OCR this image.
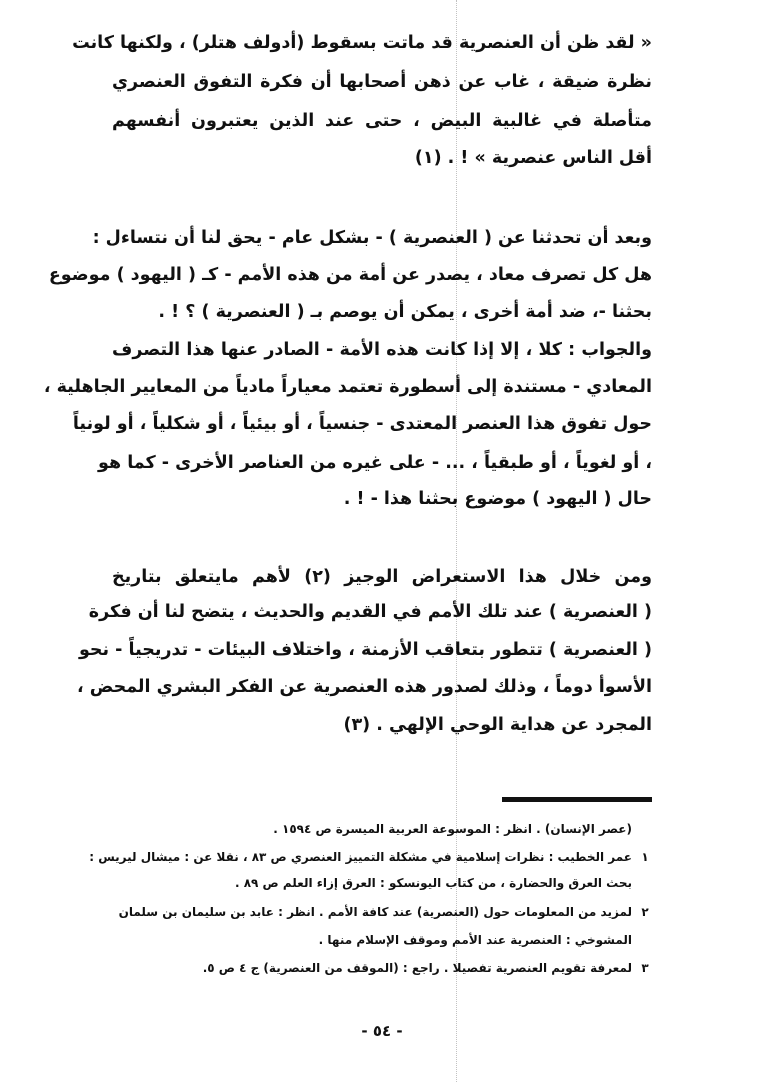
« لقد ظن أن العنصرية قد ماتت بسقوط (أدولف هتلر) ، ولكنها كانت
نظرة ضيقة ، غاب عن ذهن أصحابها أن فكرة التفوق العنصري
متأصلة في غالبية البيض ، حتى عند الذين يعتبرون أنفسهم
أقل الناس عنصرية » ! . (١)
وبعد أن تحدثنا عن ( العنصرية ) - بشكل عام - يحق لنا أن نتساءل :
هل كل تصرف معاد ، يصدر عن أمة من هذه الأمم - كـ ( اليهود ) موضوع
بحثنا -، ضد أمة أخرى ، يمكن أن يوصم بـ ( العنصرية ) ؟ ! .
والجواب : كلا ، إلا إذا كانت هذه الأمة - الصادر عنها هذا التصرف
المعادي - مستندة إلى أسطورة تعتمد معياراً مادياً من المعايير الجاهلية ،
حول تفوق هذا العنصر المعتدى - جنسياً ، أو بيئياً ، أو شكلياً ، أو لونياً
، أو لغوياً ، أو طبقياً ، ... - على غيره من العناصر الأخرى - كما هو
حال ( اليهود ) موضوع بحثنا هذا - ! .
ومن خلال هذا الاستعراض الوجيز (٢) لأهم مايتعلق بتاريخ
( العنصرية ) عند تلك الأمم في القديم والحديث ، يتضح لنا أن فكرة
( العنصرية ) تتطور بتعاقب الأزمنة ، واختلاف البيئات - تدريجياً - نحو
الأسوأ دوماً ، وذلك لصدور هذه العنصرية عن الفكر البشري المحض ،
المجرد عن هداية الوحي الإلهي . (٣)
(عصر الإنسان) . انظر : الموسوعة العربية الميسرة ص ١٥٩٤ .
١عمر الخطيب : نظرات إسلامية في مشكلة التمييز العنصري ص ٨٣ ، نقلا عن : ميشال ليريس :
بحث العرق والحضارة ، من كتاب اليونسكو : العرق إزاء العلم ص ٨٩ .
٢لمزيد من المعلومات حول (العنصرية) عند كافة الأمم . انظر : عابد بن سليمان بن سلمان
المشوخي : العنصرية عند الأمم وموقف الإسلام منها .
٣لمعرفة تقويم العنصرية تفصيلا . راجع : (الموقف من العنصرية) ج ٤ ص ٥.
- ٥٤ -
